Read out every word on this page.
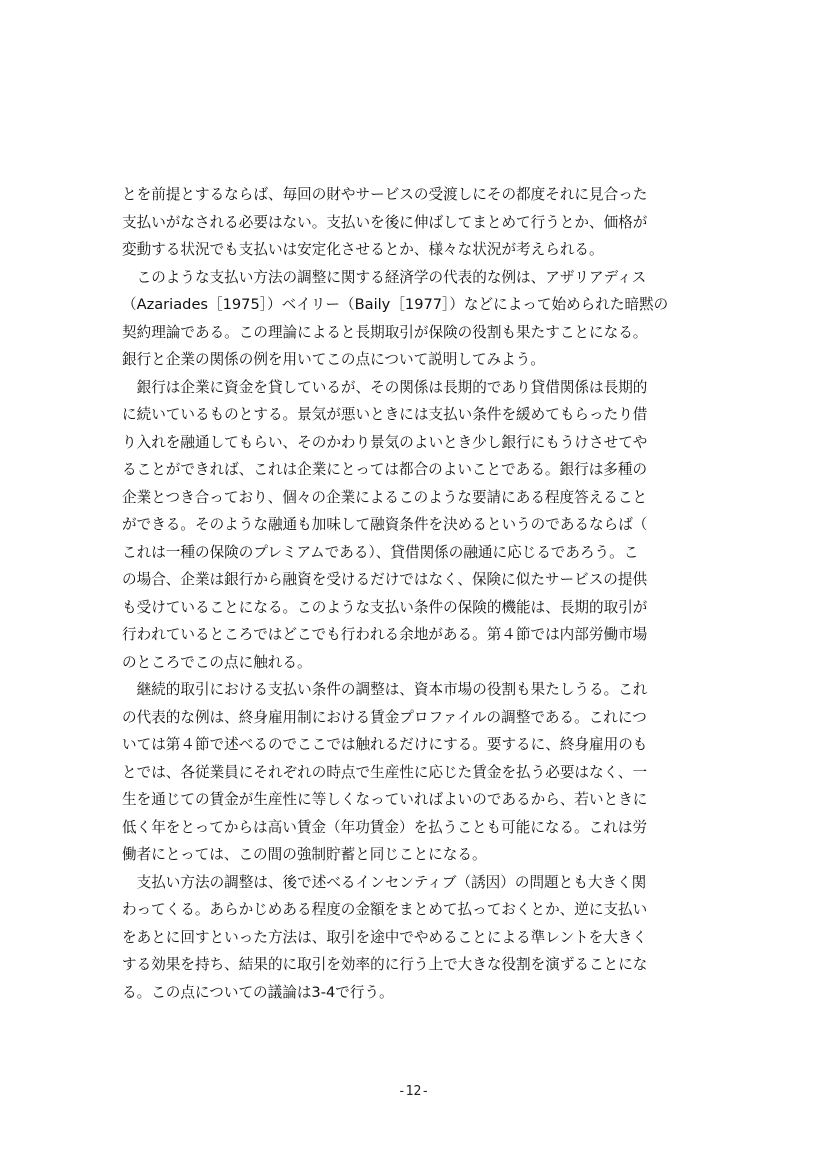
とを前提とするならば、毎回の財やサービスの受渡しにその都度それに見合った
支払いがなされる必要はない。支払いを後に伸ばしてまとめて行うとか、価格が
変動する状況でも支払いは安定化させるとか、様々な状況が考えられる。
　このような支払い方法の調整に関する経済学の代表的な例は、アザリアディス
（Azariades［1975］）ベイリー（Baily［1977］）などによって始められた暗黙の
契約理論である。この理論によると長期取引が保険の役割も果たすことになる。
銀行と企業の関係の例を用いてこの点について説明してみよう。
　銀行は企業に資金を貸しているが、その関係は長期的であり貸借関係は長期的
に続いているものとする。景気が悪いときには支払い条件を緩めてもらったり借
り入れを融通してもらい、そのかわり景気のよいとき少し銀行にもうけさせてや
ることができれば、これは企業にとっては都合のよいことである。銀行は多種の
企業とつき合っており、個々の企業によるこのような要請にある程度答えること
ができる。そのような融通も加味して融資条件を決めるというのであるならば（
これは一種の保険のプレミアムである）、貸借関係の融通に応じるであろう。こ
の場合、企業は銀行から融資を受けるだけではなく、保険に似たサービスの提供
も受けていることになる。このような支払い条件の保険的機能は、長期的取引が
行われているところではどこでも行われる余地がある。第４節では内部労働市場
のところでこの点に触れる。
　継続的取引における支払い条件の調整は、資本市場の役割も果たしうる。これ
の代表的な例は、終身雇用制における賃金プロファイルの調整である。これにつ
いては第４節で述べるのでここでは触れるだけにする。要するに、終身雇用のも
とでは、各従業員にそれぞれの時点で生産性に応じた賃金を払う必要はなく、一
生を通じての賃金が生産性に等しくなっていればよいのであるから、若いときに
低く年をとってからは高い賃金（年功賃金）を払うことも可能になる。これは労
働者にとっては、この間の強制貯蓄と同じことになる。
　支払い方法の調整は、後で述べるインセンティブ（誘因）の問題とも大きく関
わってくる。あらかじめある程度の金額をまとめて払っておくとか、逆に支払い
をあとに回すといった方法は、取引を途中でやめることによる準レントを大きく
する効果を持ち、結果的に取引を効率的に行う上で大きな役割を演ずることにな
る。この点についての議論は3-4で行う。
-12-
